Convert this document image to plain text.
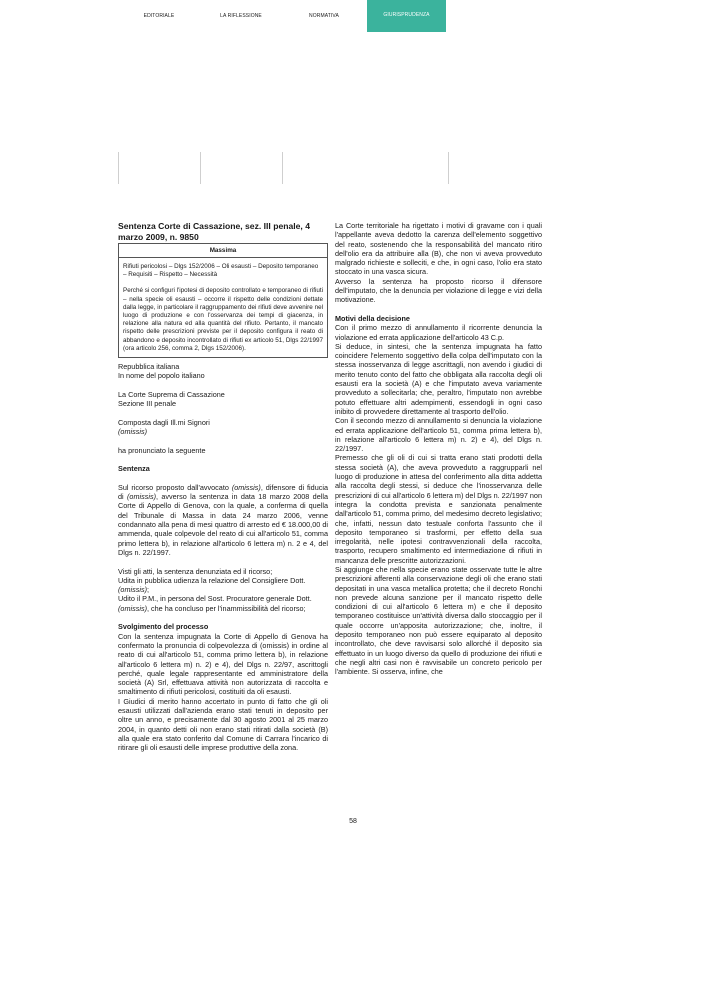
EDITORIALE	LA RIFLESSIONE	NORMATIVA	GIURISPRUDENZA

Sentenza Corte di Cassazione, sez. III penale, 4 marzo 2009, n. 9850

Massima

Rifiuti pericolosi – Dlgs 152/2006 – Oli esausti – Deposito temporaneo – Requisiti – Rispetto – Necessità

Perché si configuri l'ipotesi di deposito controllato e temporaneo di rifiuti – nella specie oli esausti – occorre il rispetto delle condizioni dettate dalla legge, in particolare il raggruppamento dei rifiuti deve avvenire nel luogo di produzione e con l'osservanza dei tempi di giacenza, in relazione alla natura ed alla quantità del rifiuto. Pertanto, il mancato rispetto delle prescrizioni previste per il deposito configura il reato di abbandono e deposito incontrollato di rifiuti ex articolo 51, Dlgs 22/1997 (ora articolo 256, comma 2, Dlgs 152/2006).

Repubblica italiana

In nome del popolo italiano

La Corte Suprema di Cassazione

Sezione III penale

Composta dagli Ill.mi Signori

(omissis)

ha pronunciato la seguente

Sentenza

Sul ricorso proposto dall'avvocato (omissis), difensore di fiducia di (omissis), avverso la sentenza in data 18 marzo 2008 della Corte di Appello di Genova, con la quale, a conferma di quella del Tribunale di Massa in data 24 marzo 2006, venne condannato alla pena di mesi quattro di arresto ed € 18.000,00 di ammenda, quale colpevole del reato di cui all'articolo 51, comma primo lettera b), in relazione all'articolo 6 lettera m) n. 2 e 4, del Dlgs n. 22/1997.

Visti gli atti, la sentenza denunziata ed il ricorso;

Udita in pubblica udienza la relazione del Consigliere Dott. (omissis);

Udito il P.M., in persona del Sost. Procuratore generale Dott. (omissis), che ha concluso per l'inammissibilità del ricorso;

Svolgimento del processo

Con la sentenza impugnata la Corte di Appello di Genova ha confermato la pronuncia di colpevolezza di (omissis) in ordine al reato di cui all'articolo 51, comma primo lettera b), in relazione all'articolo 6 lettera m) n. 2) e 4), del Dlgs n. 22/97, ascrittogli perché, quale legale rappresentante ed amministratore della società (A) Srl, effettuava attività non autorizzata di raccolta e smaltimento di rifiuti pericolosi, costituiti da oli esausti.

I Giudici di merito hanno accertato in punto di fatto che gli oli esausti utilizzati dall'azienda erano stati tenuti in deposito per oltre un anno, e precisamente dal 30 agosto 2001 al 25 marzo 2004, in quanto detti oli non erano stati ritirati dalla società (B) alla quale era stato conferito dal Comune di Carrara l'incarico di ritirare gli oli esausti delle imprese produttive della zona.

La Corte territoriale ha rigettato i motivi di gravame con i quali l'appellante aveva dedotto la carenza dell'elemento soggettivo del reato, sostenendo che la responsabilità del mancato ritiro dell'olio era da attribuire alla (B), che non vi aveva provveduto malgrado richieste e solleciti, e che, in ogni caso, l'olio era stato stoccato in una vasca sicura.

Avverso la sentenza ha proposto ricorso il difensore dell'imputato, che la denuncia per violazione di legge e vizi della motivazione.

Motivi della decisione

Con il primo mezzo di annullamento il ricorrente denuncia la violazione ed errata applicazione dell'articolo 43 C.p.

Si deduce, in sintesi, che la sentenza impugnata ha fatto coincidere l'elemento soggettivo della colpa dell'imputato con la stessa inosservanza di legge ascrittagli, non avendo i giudici di merito tenuto conto del fatto che obbligata alla raccolta degli oli esausti era la società (A) e che l'imputato aveva variamente provveduto a sollecitarla; che, peraltro, l'imputato non avrebbe potuto effettuare altri adempimenti, essendogli in ogni caso inibito di provvedere direttamente al trasporto dell'olio.

Con il secondo mezzo di annullamento si denuncia la violazione ed errata applicazione dell'articolo 51, comma prima lettera b), in relazione all'articolo 6 lettera m) n. 2) e 4), del Dlgs n. 22/1997.

Premesso che gli oli di cui si tratta erano stati prodotti della stessa società (A), che aveva provveduto a raggrupparli nel luogo di produzione in attesa del conferimento alla ditta addetta alla raccolta degli stessi, si deduce che l'inosservanza delle prescrizioni di cui all'articolo 6 lettera m) del Dlgs n. 22/1997 non integra la condotta prevista e sanzionata penalmente dall'articolo 51, comma primo, del medesimo decreto legislativo; che, infatti, nessun dato testuale conforta l'assunto che il deposito temporaneo si trasformi, per effetto della sua irregolarità, nelle ipotesi contravvenzionali della raccolta, trasporto, recupero smaltimento ed intermediazione di rifiuti in mancanza delle prescritte autorizzazioni.

Si aggiunge che nella specie erano state osservate tutte le altre prescrizioni afferenti alla conservazione degli oli che erano stati depositati in una vasca metallica protetta; che il decreto Ronchi non prevede alcuna sanzione per il mancato rispetto delle condizioni di cui all'articolo 6 lettera m) e che il deposito temporaneo costituisce un'attività diversa dallo stoccaggio per il quale occorre un'apposita autorizzazione; che, inoltre, il deposito temporaneo non può essere equiparato al deposito incontrollato, che deve ravvisarsi solo allorché il deposito sia effettuato in un luogo diverso da quello di produzione dei rifiuti e che negli altri casi non è ravvisabile un concreto pericolo per l'ambiente. Si osserva, infine, che

58
